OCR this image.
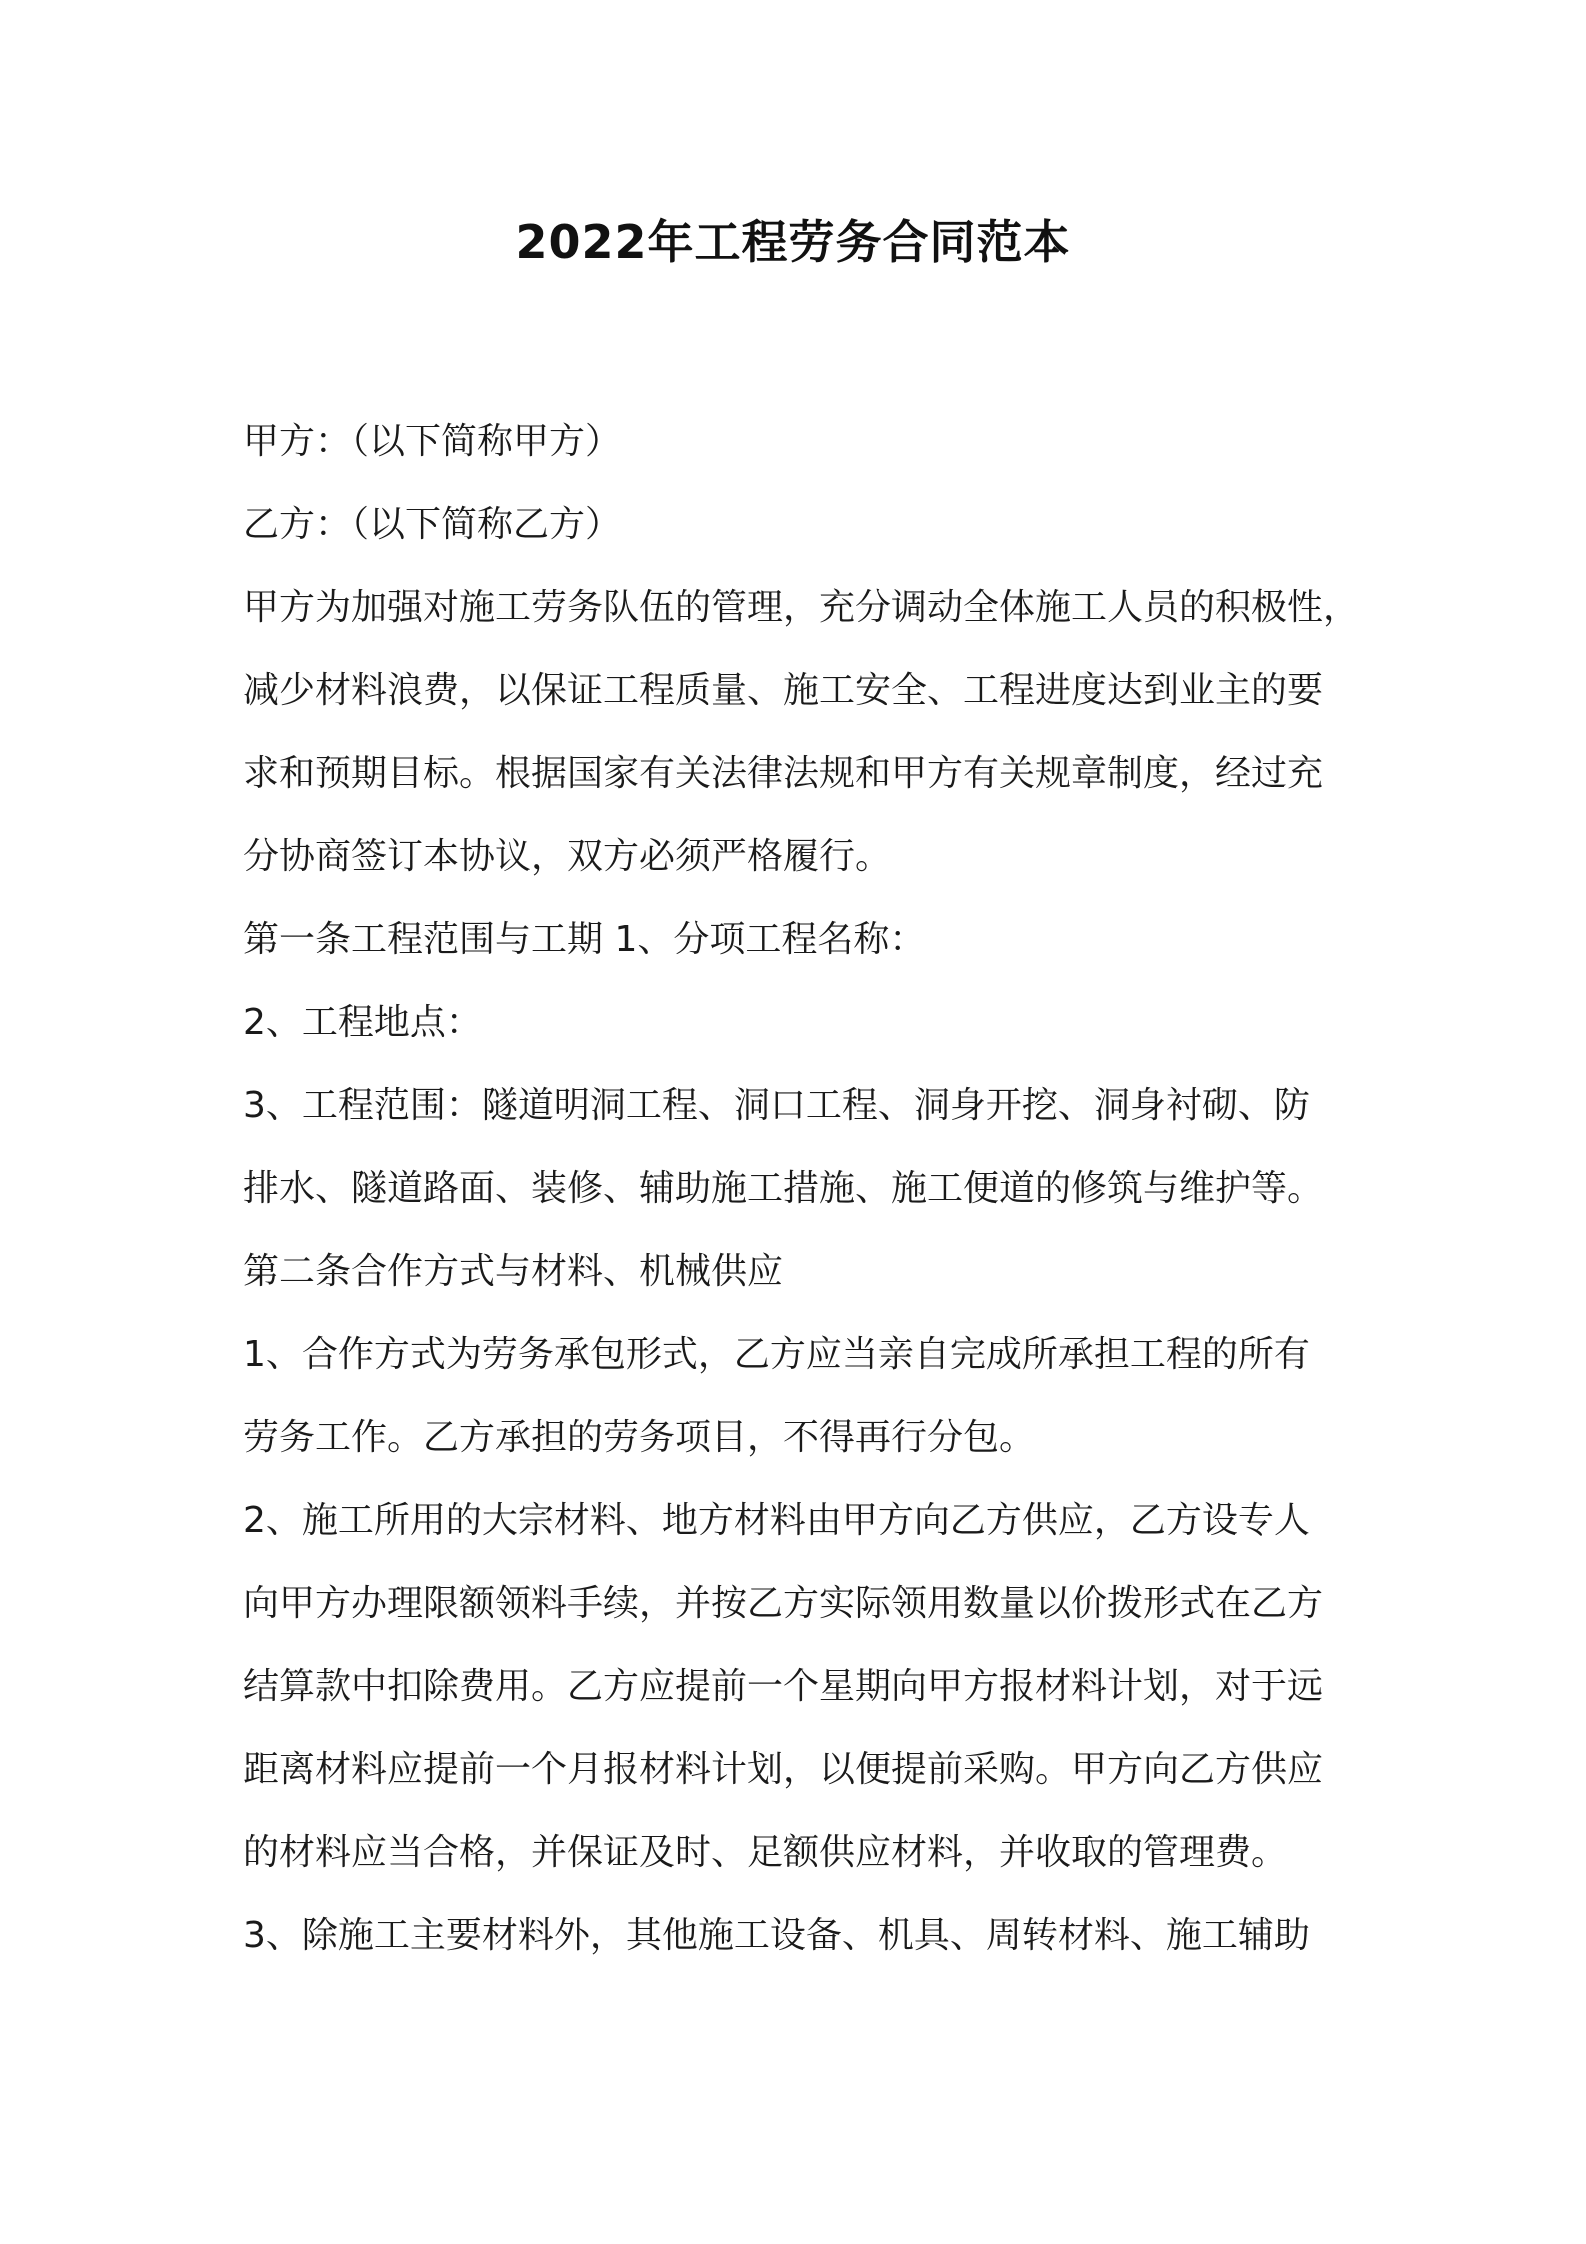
2022年工程劳务合同范本
甲方：（以下简称甲方）
乙方：（以下简称乙方）
甲方为加强对施工劳务队伍的管理，充分调动全体施工人员的积极性，
减少材料浪费，以保证工程质量、施工安全、工程进度达到业主的要
求和预期目标。根据国家有关法律法规和甲方有关规章制度，经过充
分协商签订本协议，双方必须严格履行。
第一条工程范围与工期 1、分项工程名称：
2、工程地点：
3、工程范围：隧道明洞工程、洞口工程、洞身开挖、洞身衬砌、防
排水、隧道路面、装修、辅助施工措施、施工便道的修筑与维护等。
第二条合作方式与材料、机械供应
1、合作方式为劳务承包形式，乙方应当亲自完成所承担工程的所有
劳务工作。乙方承担的劳务项目，不得再行分包。
2、施工所用的大宗材料、地方材料由甲方向乙方供应，乙方设专人
向甲方办理限额领料手续，并按乙方实际领用数量以价拨形式在乙方
结算款中扣除费用。乙方应提前一个星期向甲方报材料计划，对于远
距离材料应提前一个月报材料计划，以便提前采购。甲方向乙方供应
的材料应当合格，并保证及时、足额供应材料，并收取的管理费。
3、除施工主要材料外，其他施工设备、机具、周转材料、施工辅助
